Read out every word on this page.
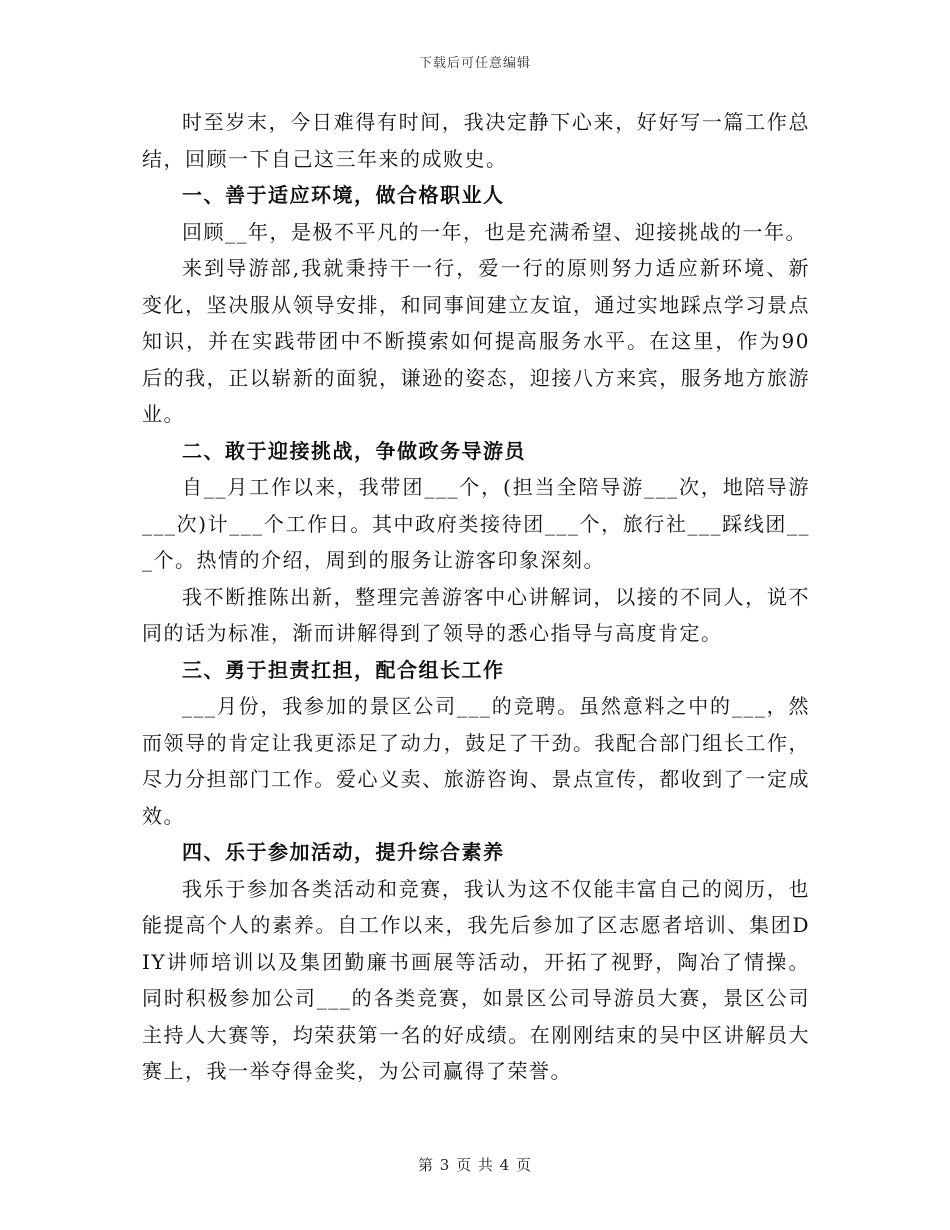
下载后可任意编辑

时至岁末，今日难得有时间，我决定静下心来，好好写一篇工作总结，回顾一下自己这三年来的成败史。

一、善于适应环境，做合格职业人

回顾__年，是极不平凡的一年，也是充满希望、迎接挑战的一年。

来到导游部,我就秉持干一行，爱一行的原则努力适应新环境、新变化，坚决服从领导安排，和同事间建立友谊，通过实地踩点学习景点知识，并在实践带团中不断摸索如何提高服务水平。在这里，作为90后的我，正以崭新的面貌，谦逊的姿态，迎接八方来宾，服务地方旅游业。

二、敢于迎接挑战，争做政务导游员

自__月工作以来，我带团___个，(担当全陪导游___次，地陪导游___次)计___个工作日。其中政府类接待团___个，旅行社___踩线团___个。热情的介绍，周到的服务让游客印象深刻。

我不断推陈出新，整理完善游客中心讲解词，以接的不同人，说不同的话为标准，渐而讲解得到了领导的悉心指导与高度肯定。

三、勇于担责扛担，配合组长工作

___月份，我参加的景区公司___的竞聘。虽然意料之中的___，然而领导的肯定让我更添足了动力，鼓足了干劲。我配合部门组长工作，尽力分担部门工作。爱心义卖、旅游咨询、景点宣传，都收到了一定成效。

四、乐于参加活动，提升综合素养

我乐于参加各类活动和竞赛，我认为这不仅能丰富自己的阅历，也能提高个人的素养。自工作以来，我先后参加了区志愿者培训、集团DIY讲师培训以及集团勤廉书画展等活动，开拓了视野，陶冶了情操。同时积极参加公司___的各类竞赛，如景区公司导游员大赛，景区公司主持人大赛等，均荣获第一名的好成绩。在刚刚结束的吴中区讲解员大赛上，我一举夺得金奖，为公司赢得了荣誉。

第 3 页 共 4 页
